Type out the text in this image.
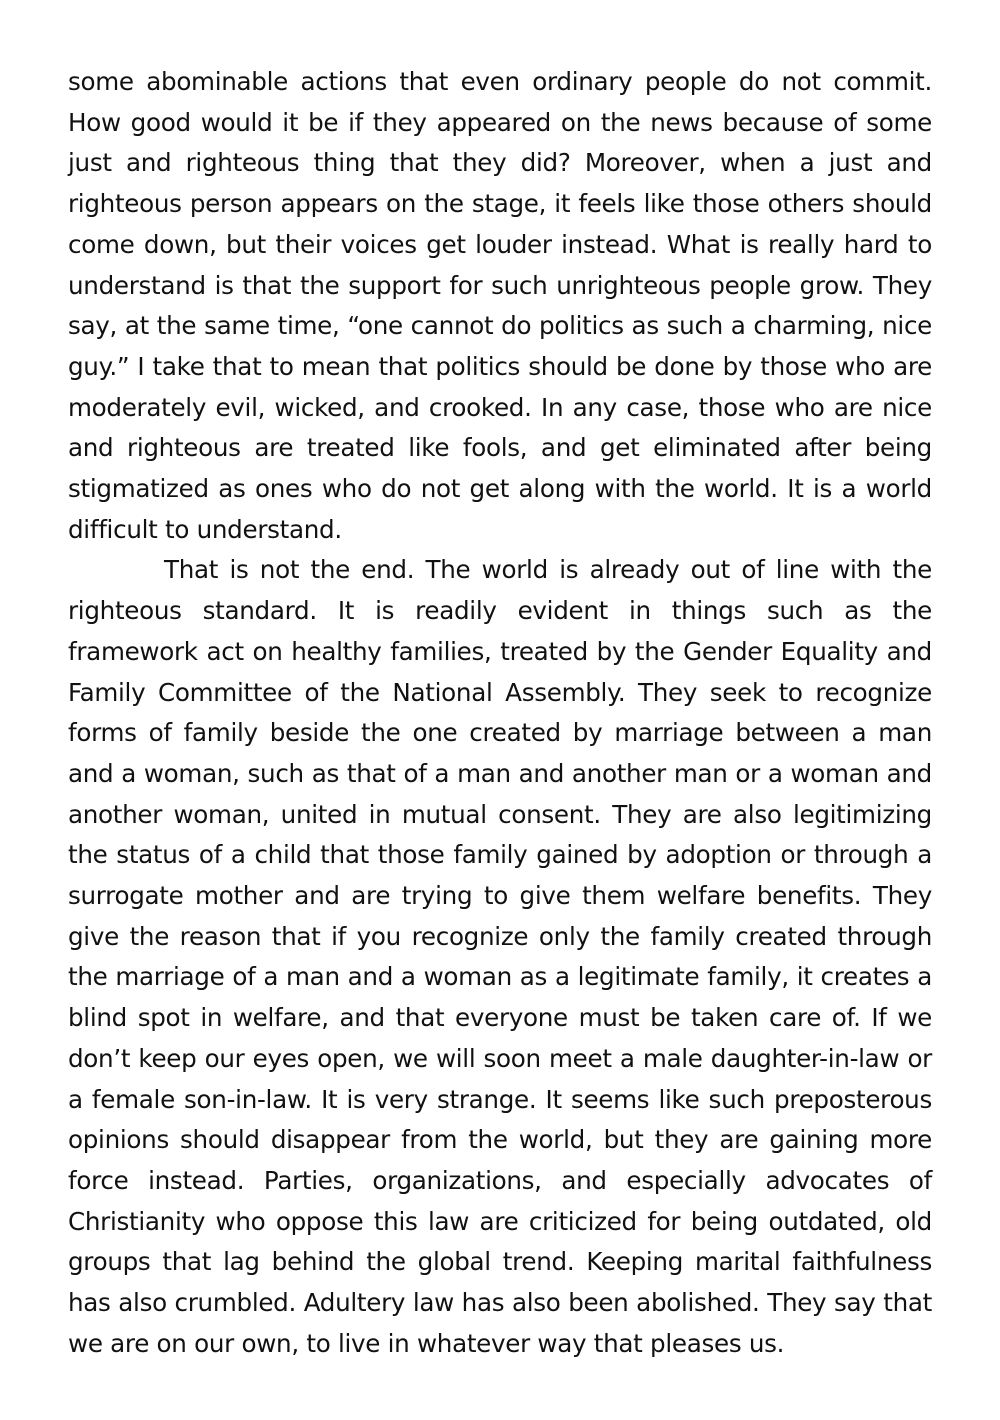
some abominable actions that even ordinary people do not commit. How good would it be if they appeared on the news because of some just and righteous thing that they did? Moreover, when a just and righteous person appears on the stage, it feels like those others should come down, but their voices get louder instead. What is really hard to understand is that the support for such unrighteous people grow. They say, at the same time, “one cannot do politics as such a charming, nice guy.” I take that to mean that politics should be done by those who are moderately evil, wicked, and crooked. In any case, those who are nice and righteous are treated like fools, and get eliminated after being stigmatized as ones who do not get along with the world. It is a world difficult to understand.

That is not the end. The world is already out of line with the righteous standard. It is readily evident in things such as the framework act on healthy families, treated by the Gender Equality and Family Committee of the National Assembly. They seek to recognize forms of family beside the one created by marriage between a man and a woman, such as that of a man and another man or a woman and another woman, united in mutual consent. They are also legitimizing the status of a child that those family gained by adoption or through a surrogate mother and are trying to give them welfare benefits. They give the reason that if you recognize only the family created through the marriage of a man and a woman as a legitimate family, it creates a blind spot in welfare, and that everyone must be taken care of. If we don’t keep our eyes open, we will soon meet a male daughter-in-law or a female son-in-law. It is very strange. It seems like such preposterous opinions should disappear from the world, but they are gaining more force instead. Parties, organizations, and especially advocates of Christianity who oppose this law are criticized for being outdated, old groups that lag behind the global trend. Keeping marital faithfulness has also crumbled. Adultery law has also been abolished. They say that we are on our own, to live in whatever way that pleases us.
